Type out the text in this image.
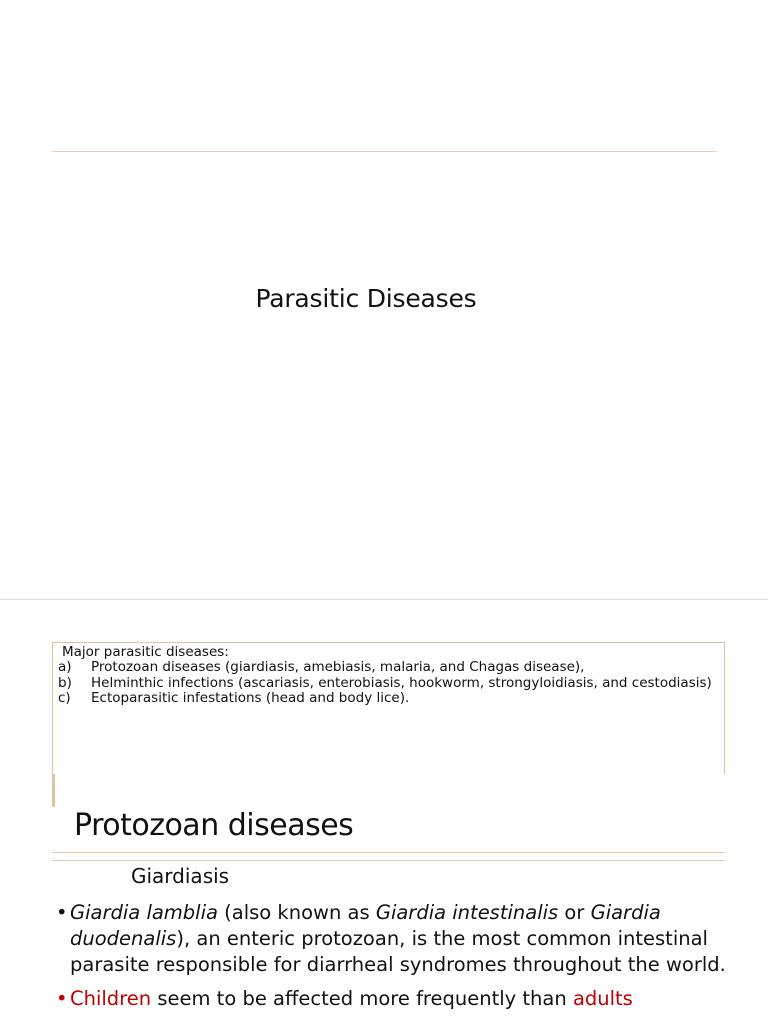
Parasitic Diseases
Major parasitic diseases:
a) Protozoan diseases (giardiasis, amebiasis, malaria, and Chagas disease),
b) Helminthic infections (ascariasis, enterobiasis, hookworm, strongyloidiasis, and cestodiasis)
c) Ectoparasitic infestations (head and body lice).
Protozoan diseases
Giardiasis
• Giardia lamblia (also known as Giardia intestinalis or Giardia duodenalis), an enteric protozoan, is the most common intestinal parasite responsible for diarrheal syndromes throughout the world.
• Children seem to be affected more frequently than adults
